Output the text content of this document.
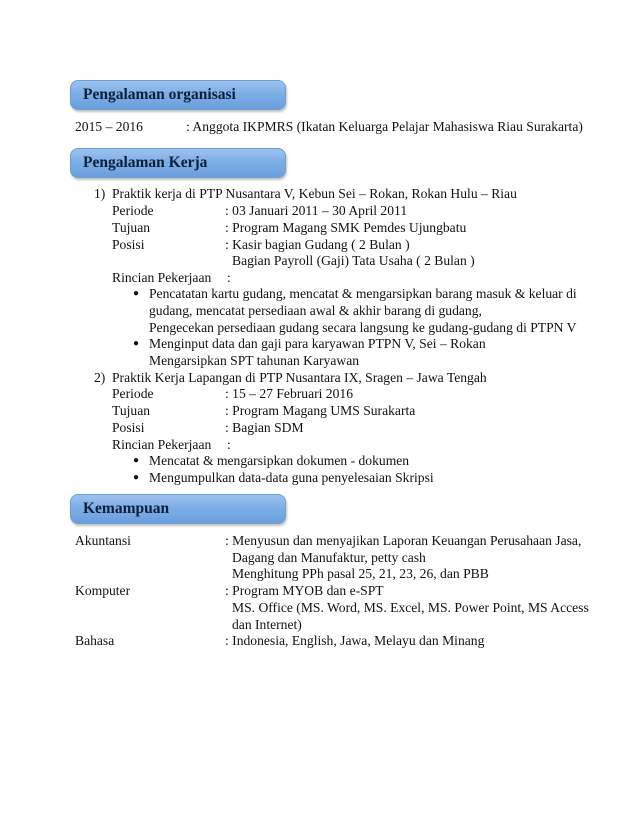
Pengalaman organisasi
2015 – 2016	: Anggota IKPMRS (Ikatan Keluarga Pelajar Mahasiswa Riau Surakarta)
Pengalaman Kerja
1) Praktik kerja di PTP Nusantara V, Kebun Sei – Rokan, Rokan Hulu – Riau
Periode	: 03 Januari 2011 – 30 April 2011
Tujuan	: Program Magang SMK Pemdes Ujungbatu
Posisi	: Kasir bagian Gudang ( 2 Bulan )
Bagian Payroll (Gaji) Tata Usaha ( 2 Bulan )
Rincian Pekerjaan :
● Pencatatan kartu gudang, mencatat & mengarsipkan barang masuk & keluar di
gudang, mencatat persediaan awal & akhir barang di gudang,
Pengecekan persediaan gudang secara langsung ke gudang-gudang di PTPN V
● Menginput data dan gaji para karyawan PTPN V, Sei – Rokan
Mengarsipkan SPT tahunan Karyawan
2) Praktik Kerja Lapangan di PTP Nusantara IX, Sragen – Jawa Tengah
Periode	: 15 – 27 Februari 2016
Tujuan	: Program Magang UMS Surakarta
Posisi	: Bagian SDM
Rincian Pekerjaan :
● Mencatat & mengarsipkan dokumen - dokumen
● Mengumpulkan data-data guna penyelesaian Skripsi
Kemampuan
Akuntansi	: Menyusun dan menyajikan Laporan Keuangan Perusahaan Jasa,
Dagang dan Manufaktur, petty cash
Menghitung PPh pasal 25, 21, 23, 26, dan PBB
Komputer	: Program MYOB dan e-SPT
MS. Office (MS. Word, MS. Excel, MS. Power Point, MS Access
dan Internet)
Bahasa	: Indonesia, English, Jawa, Melayu dan Minang
